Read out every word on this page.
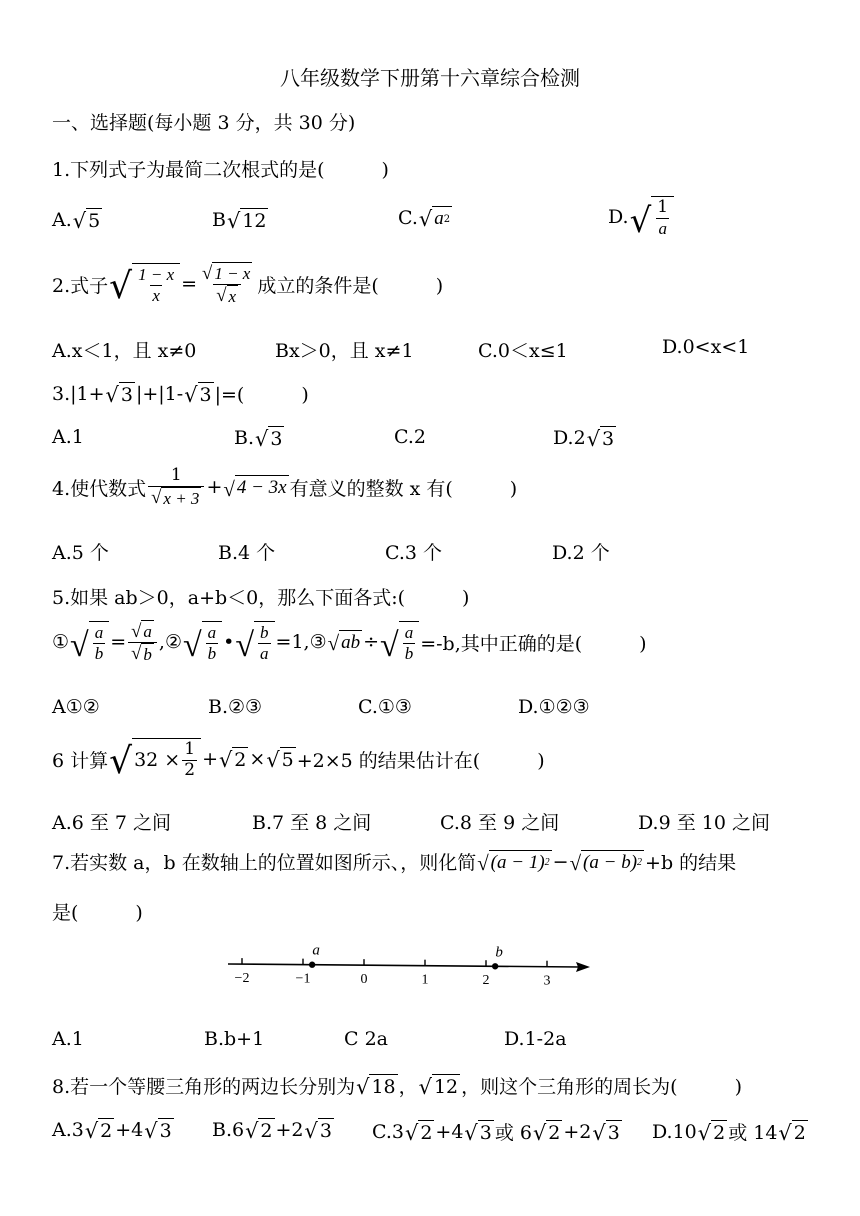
八年级数学下册第十六章综合检测
一、选择题(每小题 3 分，共 30 分)
1.下列式子为最简二次根式的是(　　　)
A. √ 5	B √ 12	C. √ a 2	D. √ $\frac{1}{a}$
2.式子 √ $\frac{1 - x}{x} = \frac{√ 1 - x}{√ x}$ 成立的条件是(　　　)
A.x＜1，且 x≠0	Bx＞0，且 x≠1	C.0＜x≤1	D.0<x<1
3.|1+ √ 3 |+|1- √ 3 |=(　　　)
A.1	B. √ 3	C.2	D.2 √ 3
4.使代数式 $\frac{1}{√ x + 3}$ + √ 4 − 3x 有意义的整数 x 有(　　　)
A.5 个	B.4 个	C.3 个	D.2 个
5.如果 ab＞0，a+b＜0，那么下面各式:(　　　)
① √ $\frac{a}{b} = \frac{√ a}{√ b}$ ,② √ $\frac{a}{b}$ • √ $\frac{b}{a}$ =1,③ √ ab ÷ √ $\frac{a}{b} =-b$,其中正确的是(　　　)
A①②	B.②③	C.①③	D.①②③
6 计算 √ $32 \times \frac{1}{2}$ + √ 2 × √ 5 +2×5 的结果估计在(　　　)
A.6 至 7 之间	B.7 至 8 之间	C.8 至 9 之间	D.9 至 10 之间
7.若实数 a，b 在数轴上的位置如图所示、，则化简 √ (a − 1) 2 − √ (a − b) 2 +b 的结果
是(　　　)
−2	−1	0	1	2	3
a	b
A.1	B.b+1	C 2a	D.1-2a
8.若一个等腰三角形的两边长分别为 √ 18 ， √ 12 ，则这个三角形的周长为(　　　)
A.3 √ 2 +4 √ 3 B.6 √ 2 +2 √ 3 C.3 √ 2 +4 √ 3 或 6 √ 2 +2 √ 3 D.10 √ 2 或 14 √ 2
